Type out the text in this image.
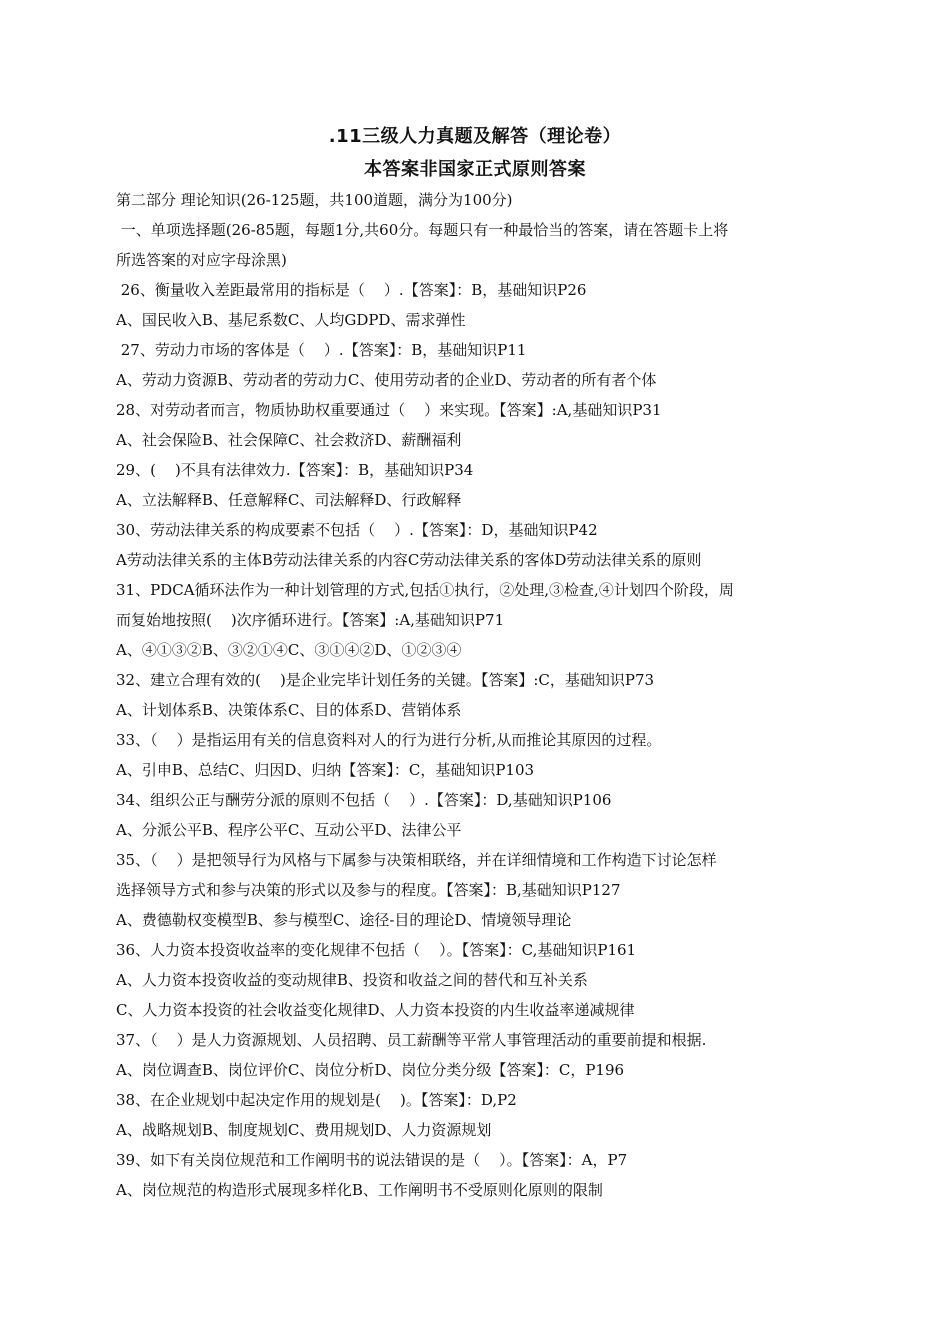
.11三级人力真题及解答（理论卷）
本答案非国家正式原则答案
第二部分 理论知识(26-125题，共100道题，满分为100分)
一、单项选择题(26-85题，每题1分,共60分。每题只有一种最恰当的答案，请在答题卡上将
所选答案的对应字母涂黑)
26、衡量收入差距最常用的指标是（    ）.【答案】：B，基础知识P26
A、国民收入B、基尼系数C、人均GDPD、需求弹性
27、劳动力市场的客体是（    ）.【答案】：B，基础知识P11
A、劳动力资源B、劳动者的劳动力C、使用劳动者的企业D、劳动者的所有者个体
28、对劳动者而言，物质协助权重要通过（    ）来实现。【答案】:A,基础知识P31
A、社会保险B、社会保障C、社会救济D、薪酬福利
29、(    )不具有法律效力.【答案】：B，基础知识P34
A、立法解释B、任意解释C、司法解释D、行政解释
30、劳动法律关系的构成要素不包括（    ）.【答案】：D，基础知识P42
A劳动法律关系的主体B劳动法律关系的内容C劳动法律关系的客体D劳动法律关系的原则
31、PDCA循环法作为一种计划管理的方式,包括①执行，②处理,③检查,④计划四个阶段，周
而复始地按照(    )次序循环进行。【答案】:A,基础知识P71
A、④①③②B、③②①④C、③①④②D、①②③④
32、建立合理有效的(    )是企业完毕计划任务的关键。【答案】:C，基础知识P73
A、计划体系B、决策体系C、目的体系D、营销体系
33、（    ）是指运用有关的信息资料对人的行为进行分析,从而推论其原因的过程。
A、引申B、总结C、归因D、归纳【答案】：C，基础知识P103
34、组织公正与酬劳分派的原则不包括（    ）.【答案】：D,基础知识P106
A、分派公平B、程序公平C、互动公平D、法律公平
35、（    ）是把领导行为风格与下属参与决策相联络，并在详细情境和工作构造下讨论怎样
选择领导方式和参与决策的形式以及参与的程度。【答案】：B,基础知识P127
A、费德勒权变模型B、参与模型C、途径-目的理论D、情境领导理论
36、人力资本投资收益率的变化规律不包括（    ）。【答案】：C,基础知识P161
A、人力资本投资收益的变动规律B、投资和收益之间的替代和互补关系
C、人力资本投资的社会收益变化规律D、人力资本投资的内生收益率递减规律
37、（    ）是人力资源规划、人员招聘、员工薪酬等平常人事管理活动的重要前提和根据.
A、岗位调查B、岗位评价C、岗位分析D、岗位分类分级【答案】：C，P196
38、在企业规划中起决定作用的规划是(    )。【答案】：D,P2
A、战略规划B、制度规划C、费用规划D、人力资源规划
39、如下有关岗位规范和工作阐明书的说法错误的是（    ）。【答案】：A，P7
A、岗位规范的构造形式展现多样化B、工作阐明书不受原则化原则的限制
